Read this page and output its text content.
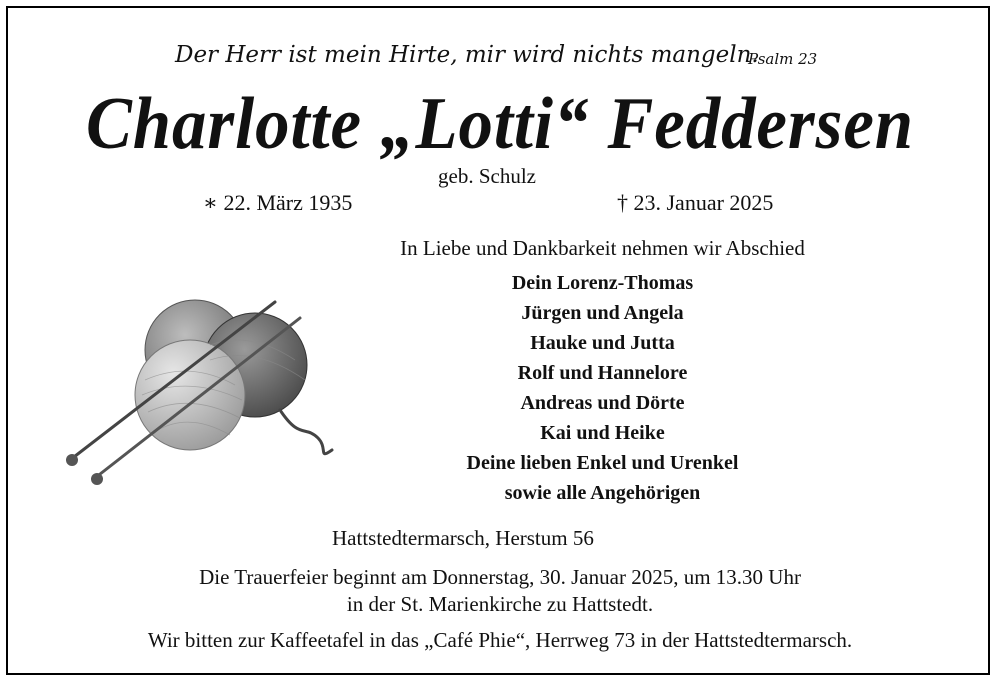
Der Herr ist mein Hirte, mir wird nichts mangeln.
Psalm 23
Charlotte „Lotti“ Feddersen
geb. Schulz
∗ 22. März 1935	† 23. Januar 2025
In Liebe und Dankbarkeit nehmen wir Abschied
Dein Lorenz-Thomas
Jürgen und Angela
Hauke und Jutta
Rolf und Hannelore
Andreas und Dörte
Kai und Heike
Deine lieben Enkel und Urenkel
sowie alle Angehörigen
Hattstedtermarsch, Herstum 56
Die Trauerfeier beginnt am Donnerstag, 30. Januar 2025, um 13.30 Uhr
in der St. Marienkirche zu Hattstedt.
Wir bitten zur Kaffeetafel in das „Café Phie“, Herrweg 73 in der Hattstedtermarsch.
